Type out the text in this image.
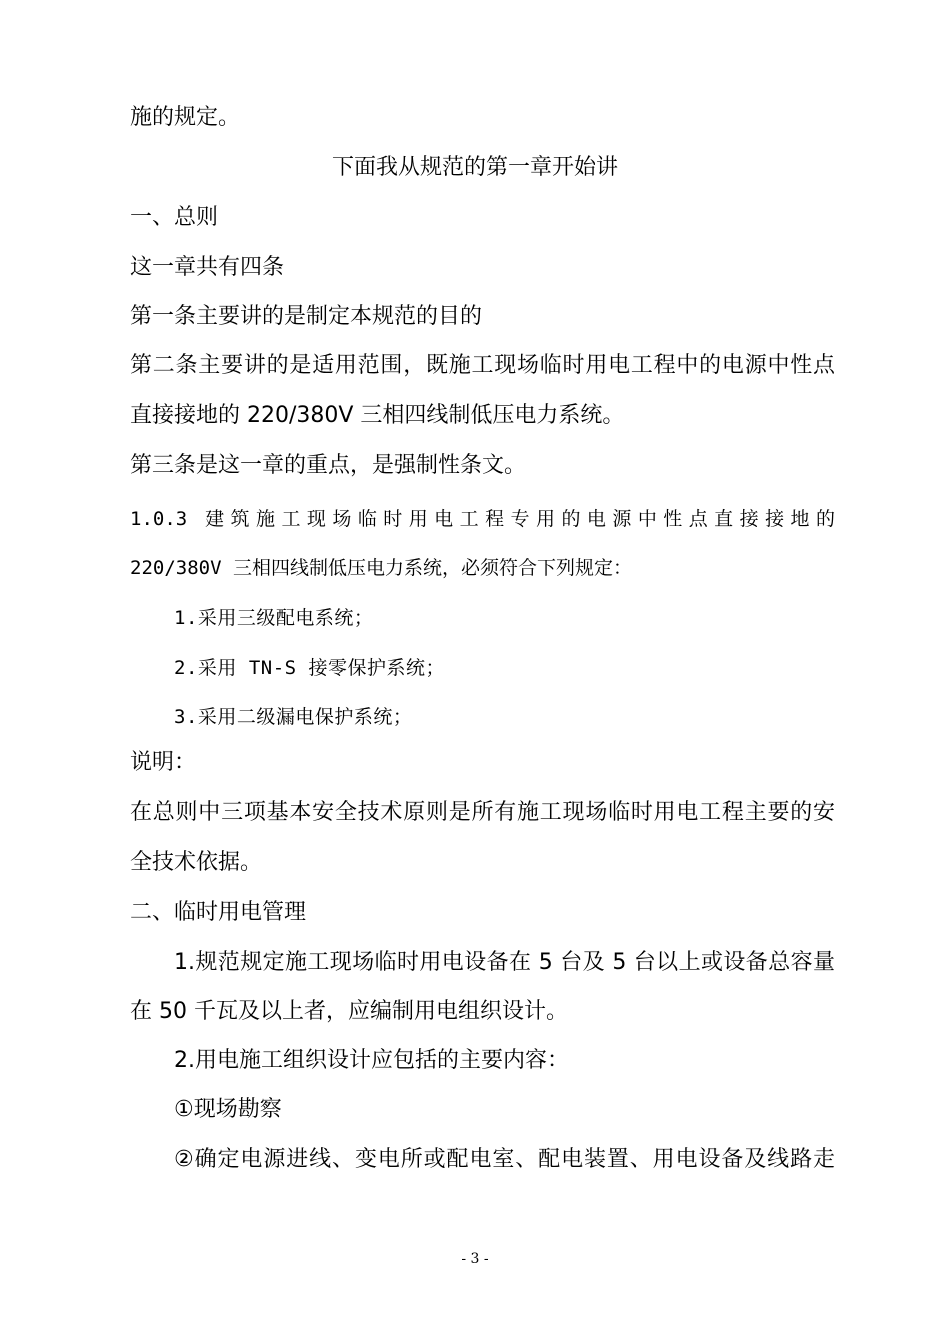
施的规定。
下面我从规范的第一章开始讲
一、总则
这一章共有四条
第一条主要讲的是制定本规范的目的
第二条主要讲的是适用范围，既施工现场临时用电工程中的电源中性点
直接接地的 220/380V 三相四线制低压电力系统。
第三条是这一章的重点，是强制性条文。
1.0.3 建筑施工现场临时用电工程专用的电源中性点直接接地的
220/380V 三相四线制低压电力系统，必须符合下列规定：
1.采用三级配电系统；
2.采用 TN-S 接零保护系统；
3.采用二级漏电保护系统；
说明：
在总则中三项基本安全技术原则是所有施工现场临时用电工程主要的安
全技术依据。
二、临时用电管理
1.规范规定施工现场临时用电设备在 5 台及 5 台以上或设备总容量
在 50 千瓦及以上者，应编制用电组织设计。
2.用电施工组织设计应包括的主要内容：
①现场勘察
②确定电源进线、变电所或配电室、配电装置、用电设备及线路走
- 3 -
